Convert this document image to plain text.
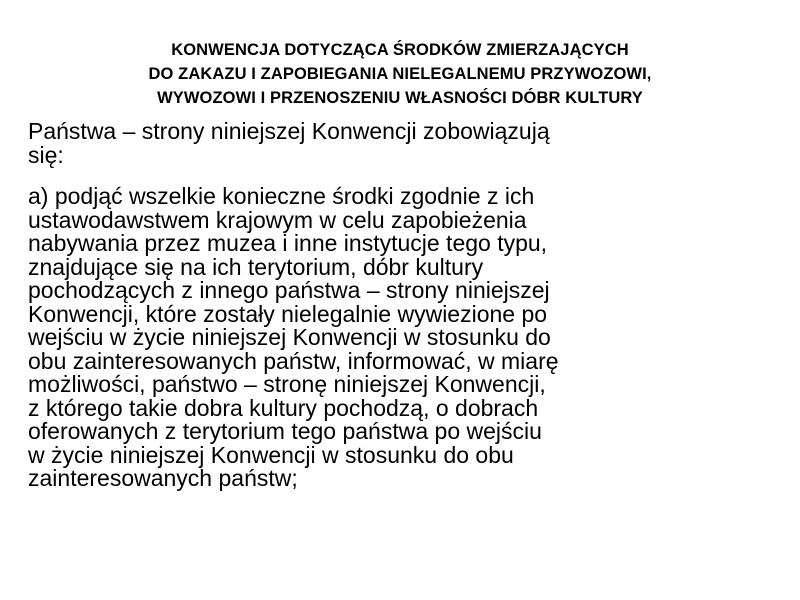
KONWENCJA DOTYCZĄCA ŚRODKÓW ZMIERZAJĄCYCH
DO ZAKAZU I ZAPOBIEGANIA NIELEGALNEMU PRZYWOZOWI,
WYWOZOWI I PRZENOSZENIU WŁASNOŚCI DÓBR KULTURY

Państwa – strony niniejszej Konwencji zobowiązują
się:

a) podjąć wszelkie konieczne środki zgodnie z ich
ustawodawstwem krajowym w celu zapobieżenia
nabywania przez muzea i inne instytucje tego typu,
znajdujące się na ich terytorium, dóbr kultury
pochodzących z innego państwa – strony niniejszej
Konwencji, które zostały nielegalnie wywiezione po
wejściu w życie niniejszej Konwencji w stosunku do
obu zainteresowanych państw, informować, w miarę
możliwości, państwo – stronę niniejszej Konwencji,
z którego takie dobra kultury pochodzą, o dobrach
oferowanych z terytorium tego państwa po wejściu
w życie niniejszej Konwencji w stosunku do obu
zainteresowanych państw;
